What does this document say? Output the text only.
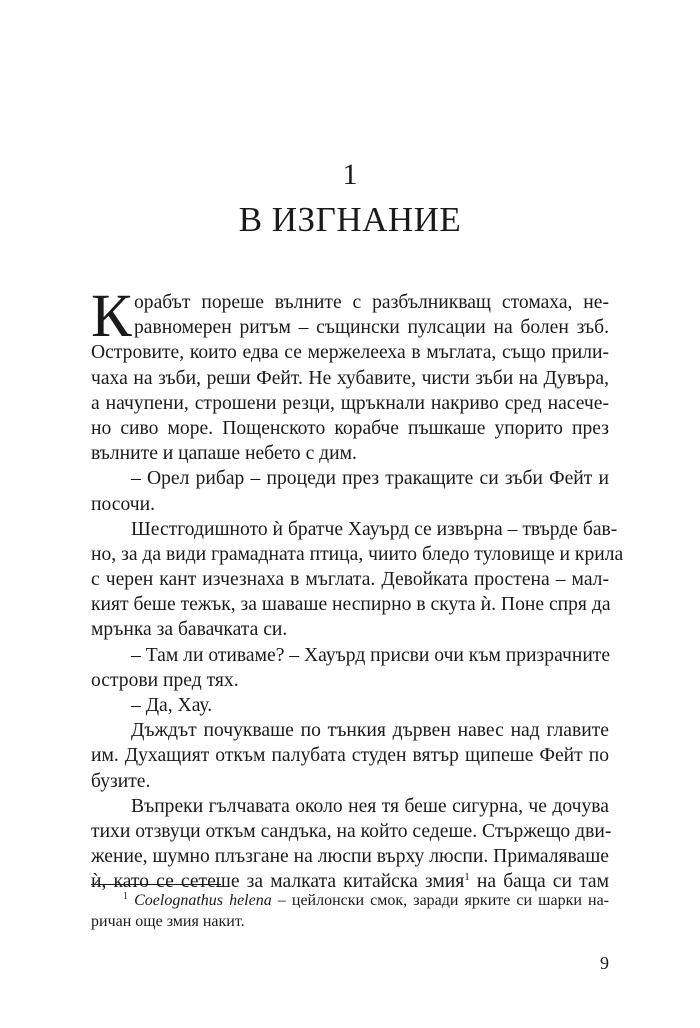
1
В ИЗГНАНИЕ
К орабът пореше вълните с разбълникващ стомаха, не-
равномерен ритъм – същински пулсации на болен зъб.
Островите, които едва се мержелееха в мъглата, също прили-
чаха на зъби, реши Фейт. Не хубавите, чисти зъби на Дувъра,
а начупени, строшени резци, щръкнали накриво сред насече-
но сиво море. Пощенското корабче пъшкаше упорито през
вълните и цапаше небето с дим.
– Орел рибар – процеди през тракащите си зъби Фейт и
посочи.
Шестгодишното ѝ братче Хауърд се извърна – твърде бав-
но, за да види грамадната птица, чиито бледо туловище и крила
с черен кант изчезнаха в мъглата. Девойката простена – мал-
кият беше тежък, за шаваше неспирно в скута ѝ. Поне спря да
мрънка за бавачката си.
– Там ли отиваме? – Хауърд присви очи към призрачните
острови пред тях.
– Да, Хау.
Дъждът почукваше по тънкия дървен навес над главите
им. Духащият откъм палубата студен вятър щипеше Фейт по
бузите.
Въпреки гълчавата около нея тя беше сигурна, че дочува
тихи отзвуци откъм сандъка, на който седеше. Стържещо дви-
жение, шумно плъзгане на люспи върху люспи. Прималяваше
ѝ, като се сетеше за малката китайска змия$^1$ на баща си там
$^1$ Coelognathus helena – цейлонски смок, заради ярките си шарки на-
ричан още змия накит.
9
